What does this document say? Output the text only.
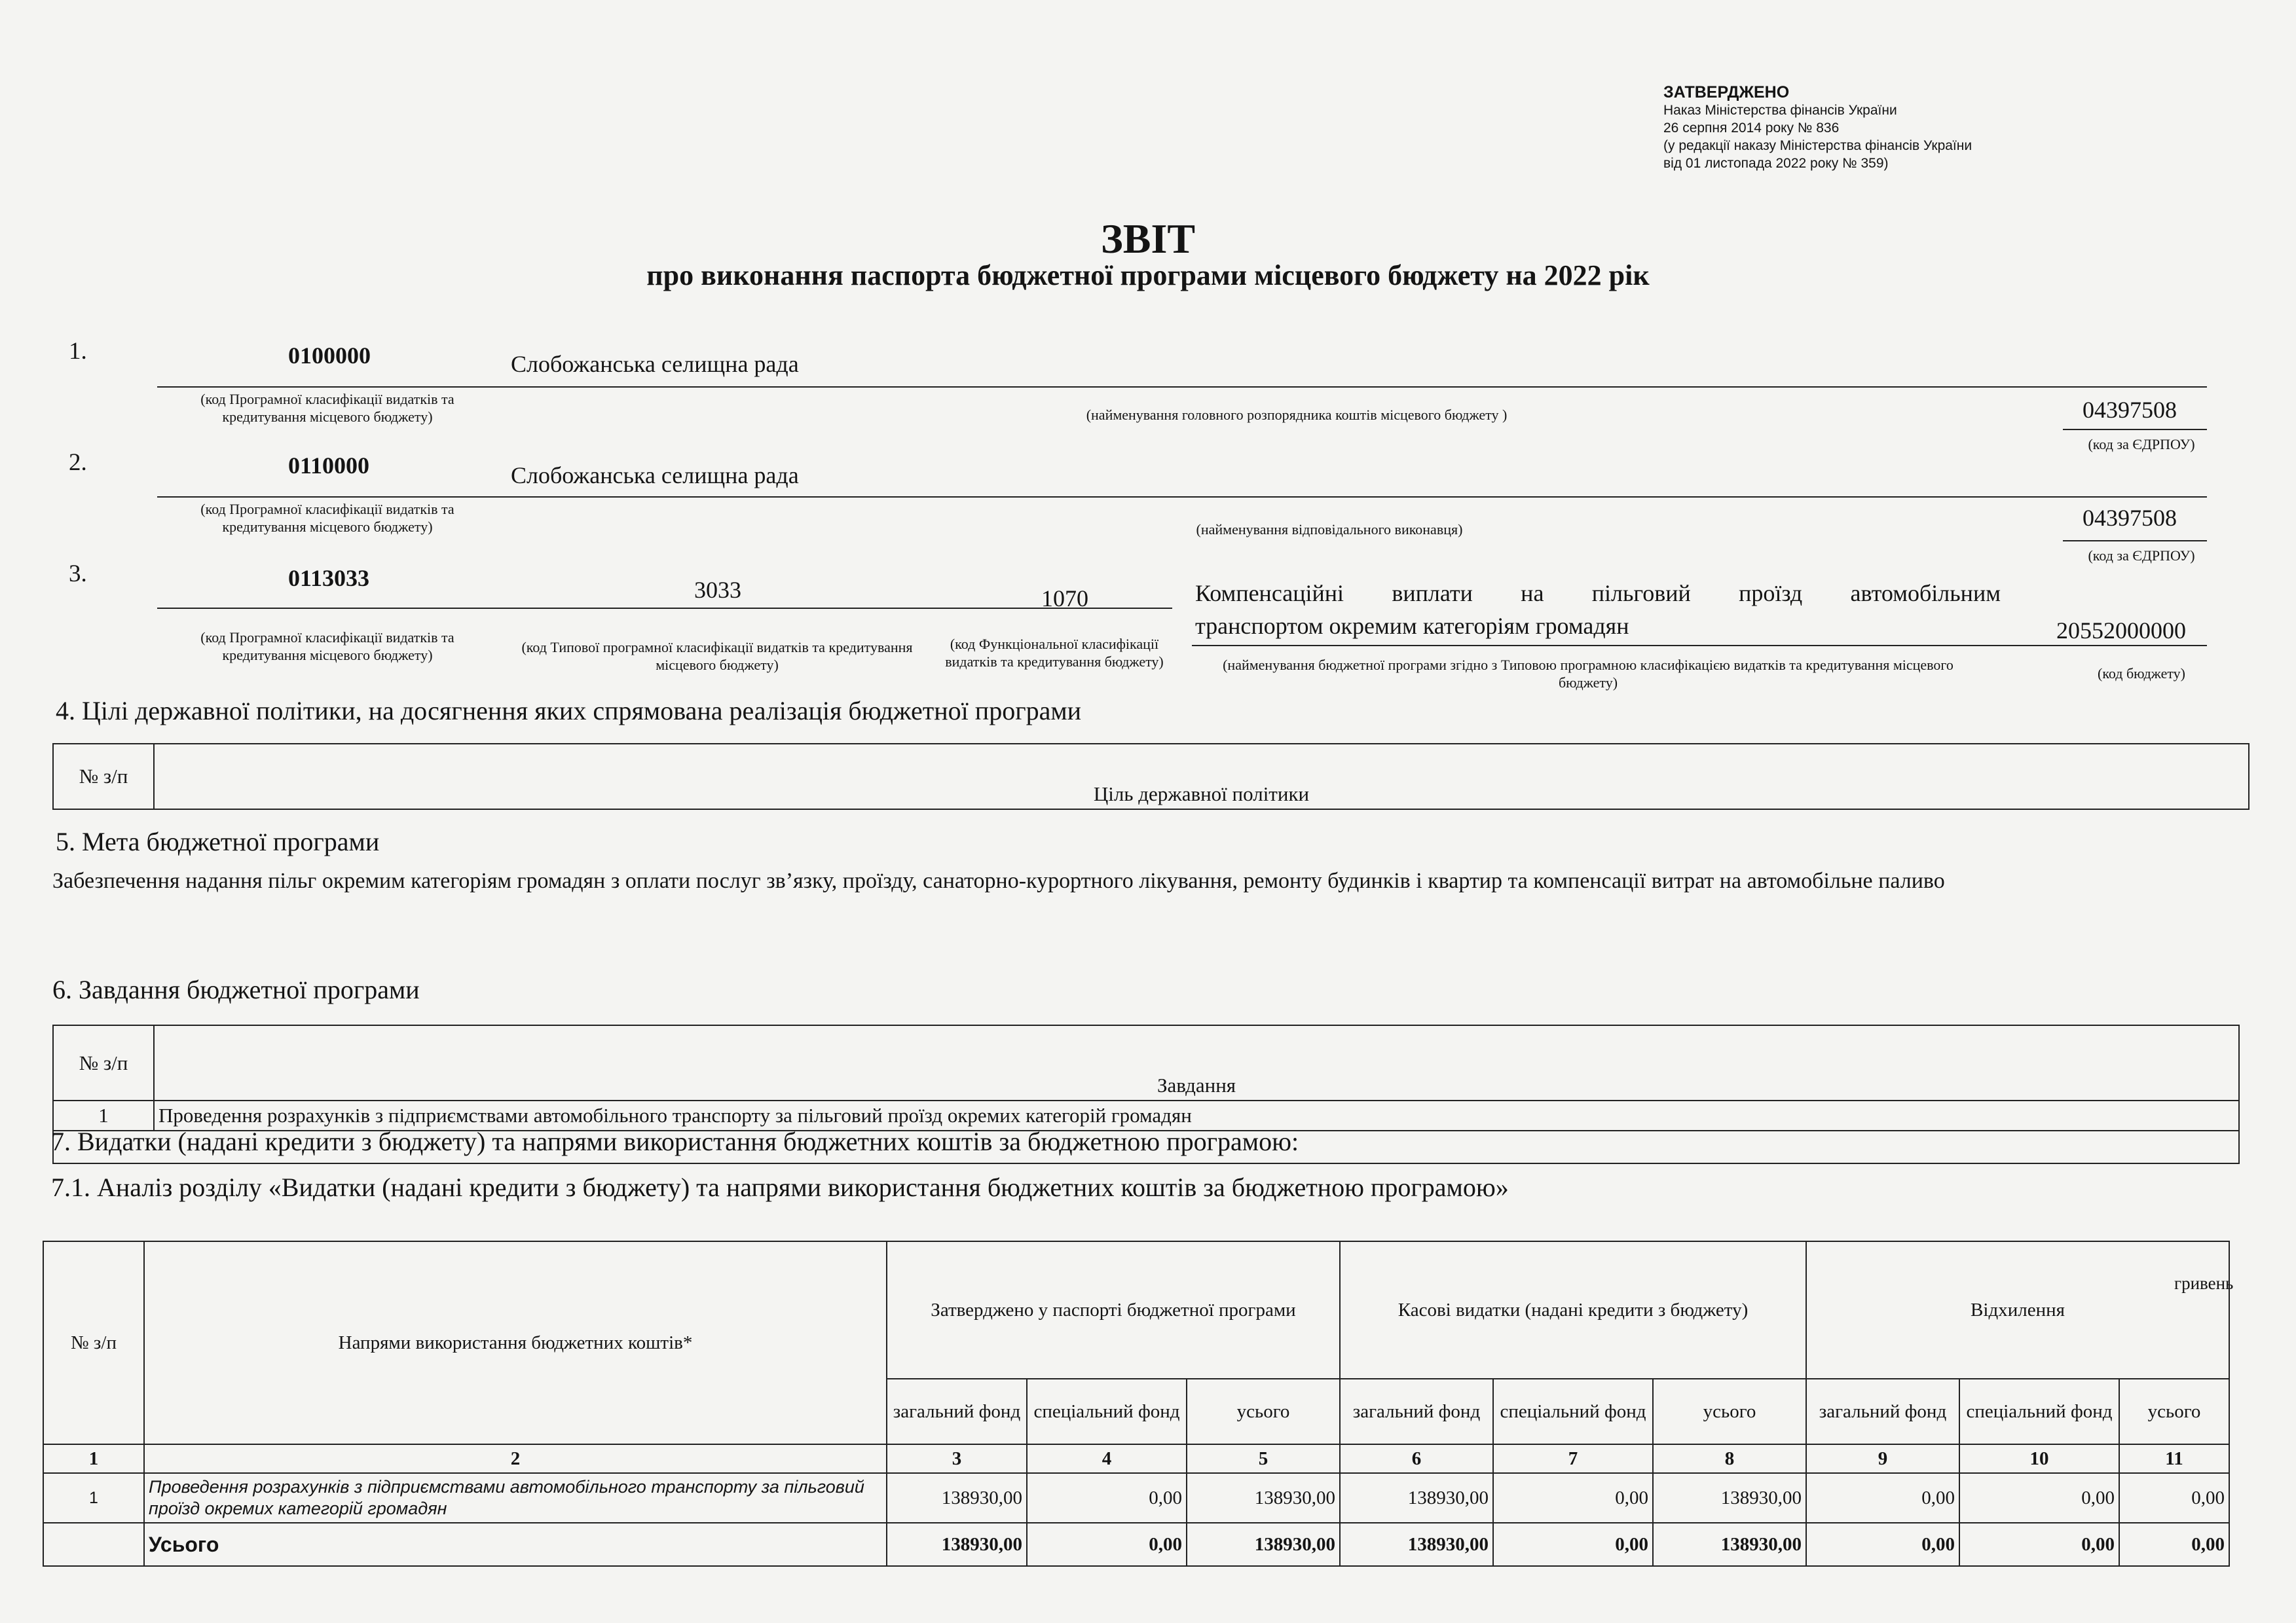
ЗАТВЕРДЖЕНО
Наказ Міністерства фінансів України
26 серпня 2014 року № 836
(у редакції наказу Міністерства фінансів України
від 01 листопада 2022 року № 359)
ЗВІТ
про виконання паспорта бюджетної програми місцевого бюджету на 2022 рік
1.	0100000	Слобожанська селищна рада
(код Програмної класифікації видатків та кредитування місцевого бюджету)	(найменування головного розпорядника коштів місцевого бюджету )	04397508
(код за ЄДРПОУ)
2.	0110000	Слобожанська селищна рада
(код Програмної класифікації видатків та кредитування місцевого бюджету)	(найменування відповідального виконавця)	04397508
(код за ЄДРПОУ)
3.	0113033	3033	1070	Компенсаційні виплати на пільговий проїзд автомобільним
транспортом окремим категоріям громадян	20552000000
(код Програмної класифікації видатків та кредитування місцевого бюджету)	(код Типової програмної класифікації видатків та кредитування місцевого бюджету)
(код Функціональної класифікації видатків та кредитування бюджету)	(найменування бюджетної програми згідно з Типовою програмною класифікацією видатків та кредитування місцевого бюджету)
(код бюджету)
4. Цілі державної політики, на досягнення яких спрямована реалізація бюджетної програми
№ з/п	Ціль державної політики
5. Мета бюджетної програми
Забезпечення надання пільг окремим категоріям громадян з оплати послуг зв’язку, проїзду, санаторно-курортного лікування, ремонту будинків і квартир та компенсації витрат на автомобільне паливо
6. Завдання бюджетної програми
№ з/п	Завдання
1	Проведення розрахунків з підприємствами автомобільного транспорту за пільговий проїзд окремих категорій громадян

7. Видатки (надані кредити з бюджету) та напрями використання бюджетних коштів за бюджетною програмою:
7.1. Аналіз розділу «Видатки (надані кредити з бюджету) та напрями використання бюджетних коштів за бюджетною програмою»
гривень
№ з/п	Напрями використання бюджетних коштів*	Затверджено у паспорті бюджетної програми			Касові видатки (надані кредити з бюджету)			Відхилення		
		загальний фонд	спеціальний фонд	усього	загальний фонд	спеціальний фонд	усього	загальний фонд	спеціальний фонд	усього
1	2	3	4	5	6	7	8	9	10	11
1	Проведення розрахунків з підприємствами автомобільного транспорту за пільговий проїзд окремих категорій громадян	138930,00	0,00	138930,00	138930,00	0,00	138930,00	0,00	0,00	0,00
	Усього	138930,00	0,00	138930,00	138930,00	0,00	138930,00	0,00	0,00	0,00
